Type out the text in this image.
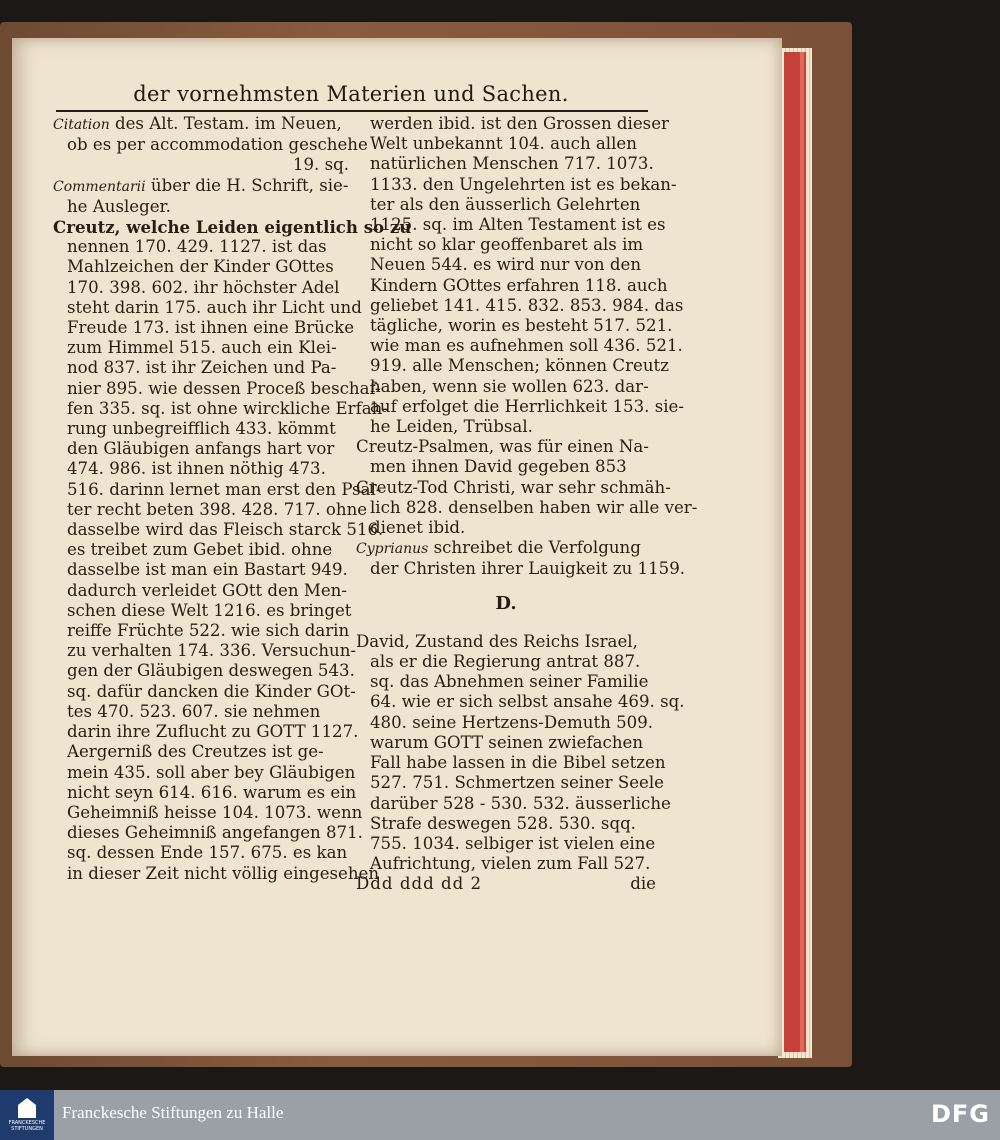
der vornehmsten Materien und Sachen.
Citation des Alt. Testam. im Neuen,
ob es per accommodation geschehe
19. sq.
Commentarii über die H. Schrift, sie-
he Ausleger.
Creutz, welche Leiden eigentlich so zu
nennen 170. 429. 1127. ist das
Mahlzeichen der Kinder GOttes
170. 398. 602. ihr höchster Adel
steht darin 175. auch ihr Licht und
Freude 173. ist ihnen eine Brücke
zum Himmel 515. auch ein Klei-
nod 837. ist ihr Zeichen und Pa-
nier 895. wie dessen Proceß beschaf-
fen 335. sq. ist ohne wirckliche Erfah-
rung unbegreifflich 433. kömmt
den Gläubigen anfangs hart vor
474. 986. ist ihnen nöthig 473.
516. darinn lernet man erst den Psal-
ter recht beten 398. 428. 717. ohne
dasselbe wird das Fleisch starck 516.
es treibet zum Gebet ibid. ohne
dasselbe ist man ein Bastart 949.
dadurch verleidet GOtt den Men-
schen diese Welt 1216. es bringet
reiffe Früchte 522. wie sich darin
zu verhalten 174. 336. Versuchun-
gen der Gläubigen deswegen 543.
sq. dafür dancken die Kinder GOt-
tes 470. 523. 607. sie nehmen
darin ihre Zuflucht zu GOTT 1127.
Aergerniß des Creutzes ist ge-
mein 435. soll aber bey Gläubigen
nicht seyn 614. 616. warum es ein
Geheimniß heisse 104. 1073. wenn
dieses Geheimniß angefangen 871.
sq. dessen Ende 157. 675. es kan
in dieser Zeit nicht völlig eingesehen
werden ibid. ist den Grossen dieser
Welt unbekannt 104. auch allen
natürlichen Menschen 717. 1073.
1133. den Ungelehrten ist es bekan-
ter als den äusserlich Gelehrten
1125. sq. im Alten Testament ist es
nicht so klar geoffenbaret als im
Neuen 544. es wird nur von den
Kindern GOttes erfahren 118. auch
geliebet 141. 415. 832. 853. 984. das
tägliche, worin es besteht 517. 521.
wie man es aufnehmen soll 436. 521.
919. alle Menschen; können Creutz
haben, wenn sie wollen 623. dar-
auf erfolget die Herrlichkeit 153. sie-
he Leiden, Trübsal.
Creutz-Psalmen, was für einen Na-
men ihnen David gegeben 853
Creutz-Tod Christi, war sehr schmäh-
lich 828. denselben haben wir alle ver-
dienet ibid.
Cyprianus schreibet die Verfolgung
der Christen ihrer Lauigkeit zu 1159.
D.
David, Zustand des Reichs Israel,
als er die Regierung antrat 887.
sq. das Abnehmen seiner Familie
64. wie er sich selbst ansahe 469. sq.
480. seine Hertzens-Demuth 509.
warum GOTT seinen zwiefachen
Fall habe lassen in die Bibel setzen
527. 751. Schmertzen seiner Seele
darüber 528 - 530. 532. äusserliche
Strafe deswegen 528. 530. sqq.
755. 1034. selbiger ist vielen eine
Aufrichtung, vielen zum Fall 527.
Ddd ddd dd 2	die
FRANCKESCHE STIFTUNGEN
Franckesche Stiftungen zu Halle	DFG
